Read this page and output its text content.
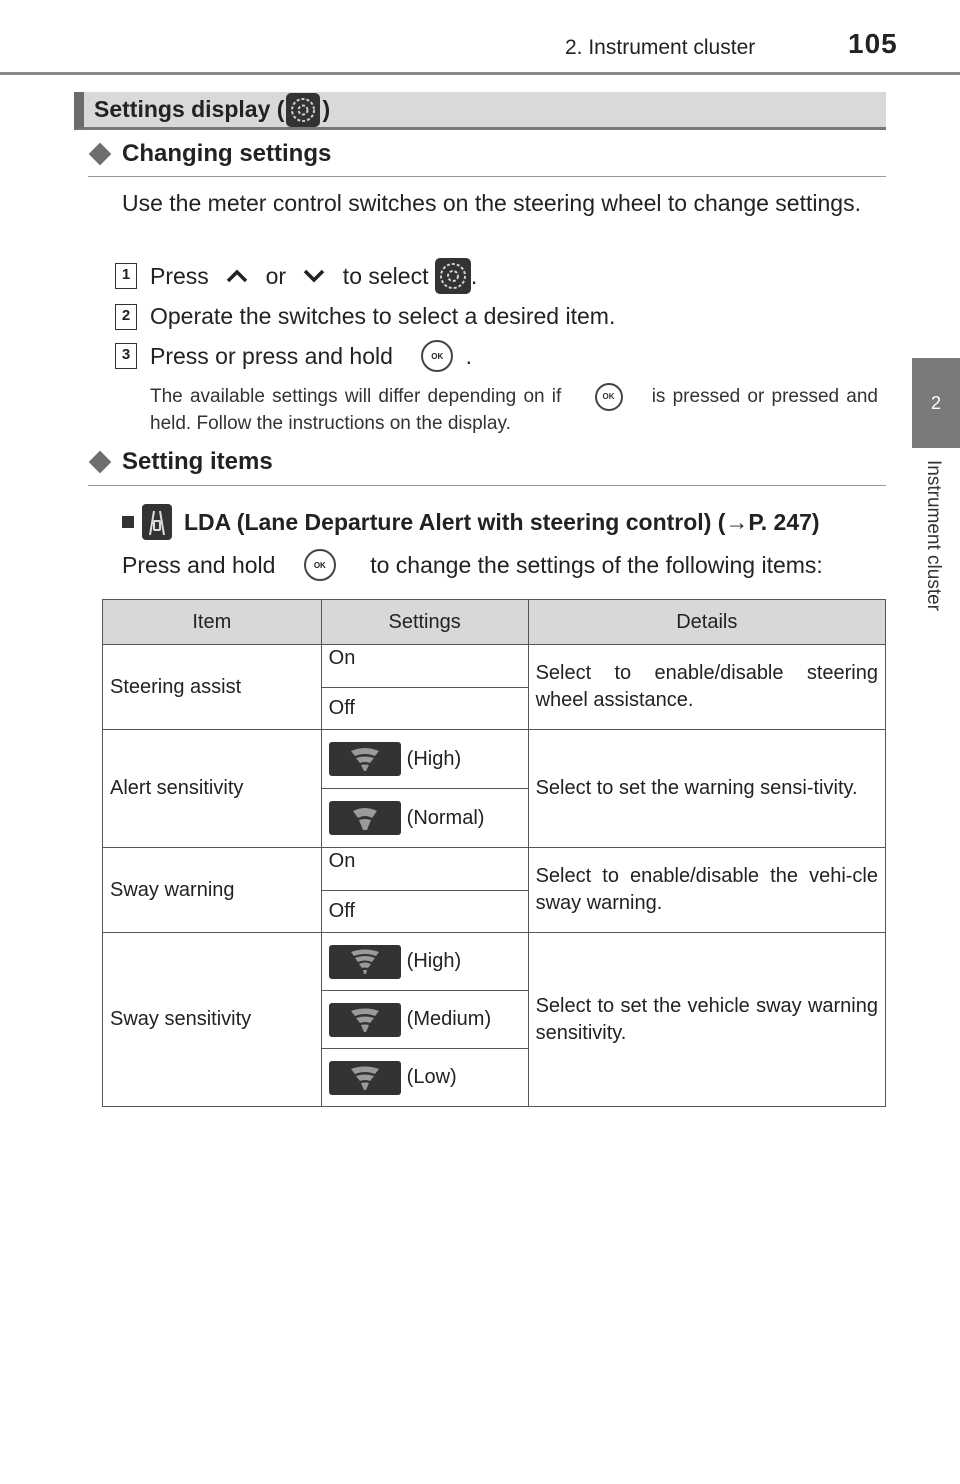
2. Instrument cluster	105
2
Instrument cluster
Settings display ( )
Changing settings
Use the meter control switches on the steering wheel to change settings.
1 Press or to select .
2 Operate the switches to select a desired item.
3 Press or press and hold	OK .
The available settings will differ depending on if	OK is pressed or pressed and held. Follow the instructions on the display.
Setting items
LDA (Lane Departure Alert with steering control) (→P. 247)
Press and hold	OK	to change the settings of the following items:
Item	Settings	Details
Steering assist	On	Select to enable/disable steering wheel assistance.
	Off	
Alert sensitivity	(High)	Select to set the warning sensi-tivity.

	(Normal)	

Sway warning	On	Select to enable/disable the vehi-cle sway warning.
	Off	
Sway sensitivity	(High)	Select to set the vehicle sway warning sensitivity.

	(Medium)	

	(Low)	
